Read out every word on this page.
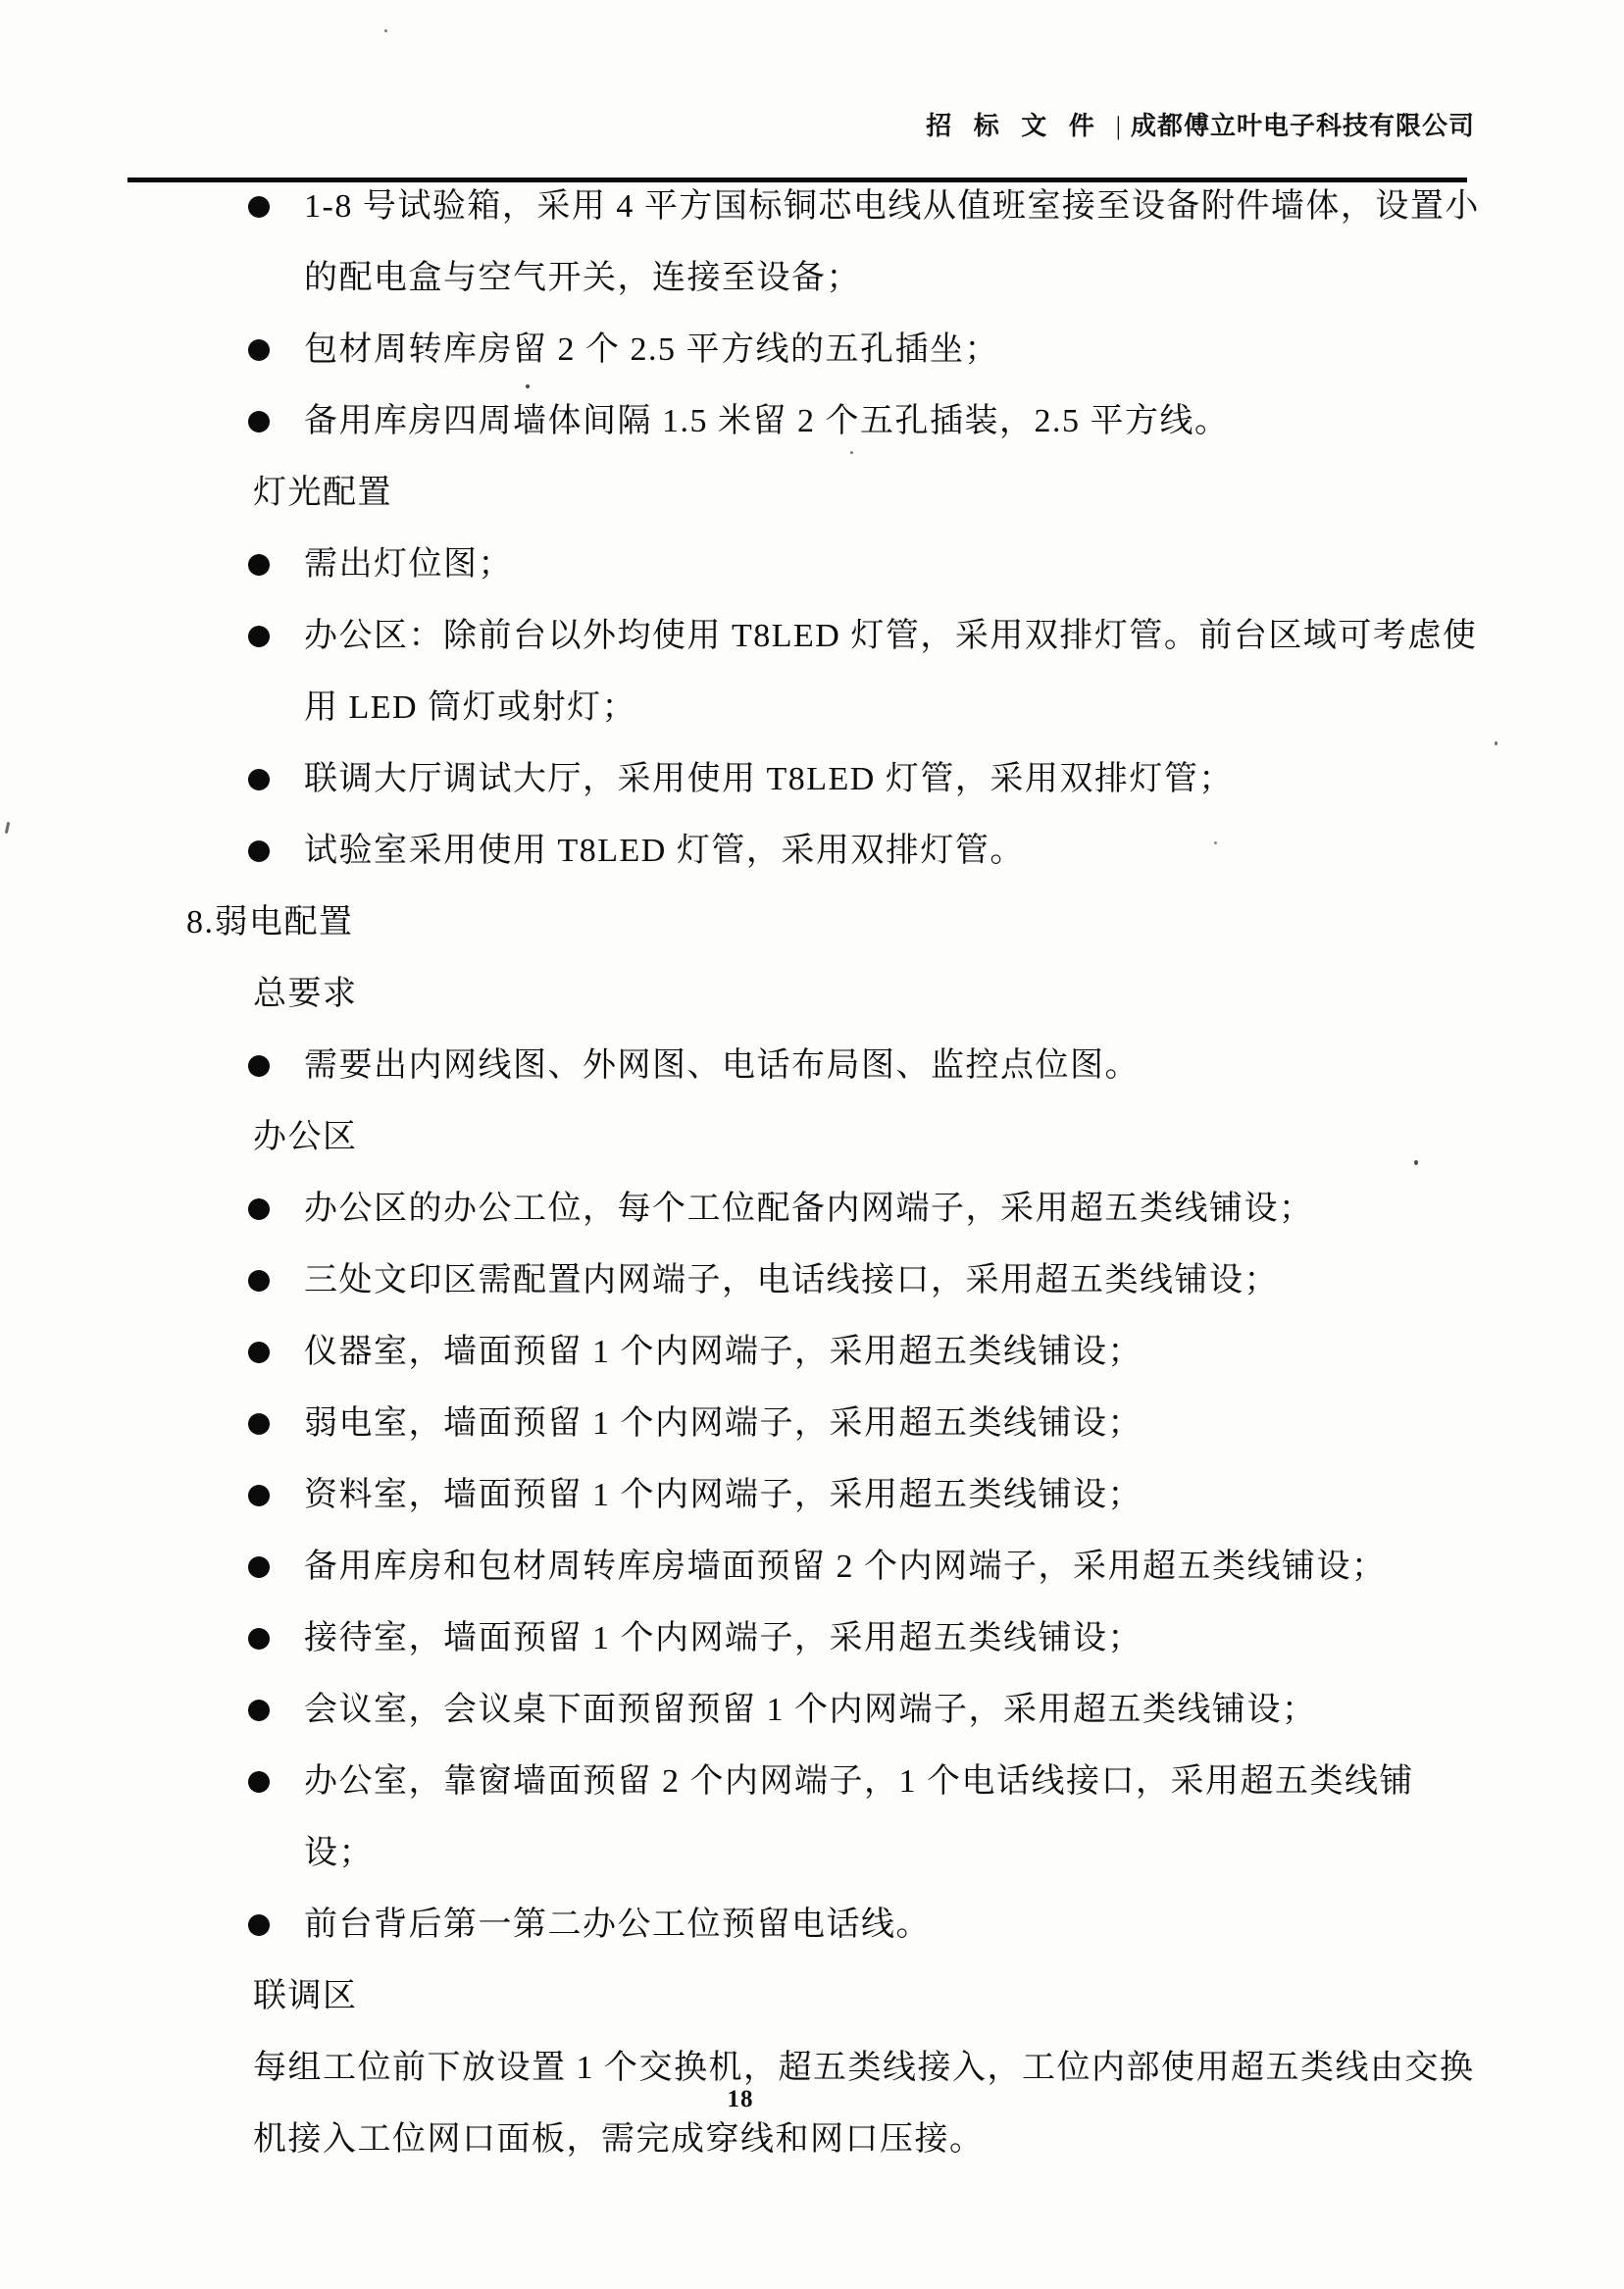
招 标 文 件 | 成都傅立叶电子科技有限公司
1-8 号试验箱，采用 4 平方国标铜芯电线从值班室接至设备附件墙体，设置小的配电盒与空气开关，连接至设备；
包材周转库房留 2 个 2.5 平方线的五孔插坐；
备用库房四周墙体间隔 1.5 米留 2 个五孔插装，2.5 平方线。
灯光配置
需出灯位图；
办公区：除前台以外均使用 T8LED 灯管，采用双排灯管。前台区域可考虑使用 LED 筒灯或射灯；
联调大厅调试大厅，采用使用 T8LED 灯管，采用双排灯管；
试验室采用使用 T8LED 灯管，采用双排灯管。
8.弱电配置
总要求
需要出内网线图、外网图、电话布局图、监控点位图。
办公区
办公区的办公工位，每个工位配备内网端子，采用超五类线铺设；
三处文印区需配置内网端子，电话线接口，采用超五类线铺设；
仪器室，墙面预留 1 个内网端子，采用超五类线铺设；
弱电室，墙面预留 1 个内网端子，采用超五类线铺设；
资料室，墙面预留 1 个内网端子，采用超五类线铺设；
备用库房和包材周转库房墙面预留 2 个内网端子，采用超五类线铺设；
接待室，墙面预留 1 个内网端子，采用超五类线铺设；
会议室，会议桌下面预留预留 1 个内网端子，采用超五类线铺设；
办公室，靠窗墙面预留 2 个内网端子，1 个电话线接口，采用超五类线铺设；
前台背后第一第二办公工位预留电话线。
联调区
每组工位前下放设置 1 个交换机，超五类线接入，工位内部使用超五类线由交换机接入工位网口面板，需完成穿线和网口压接。
18
